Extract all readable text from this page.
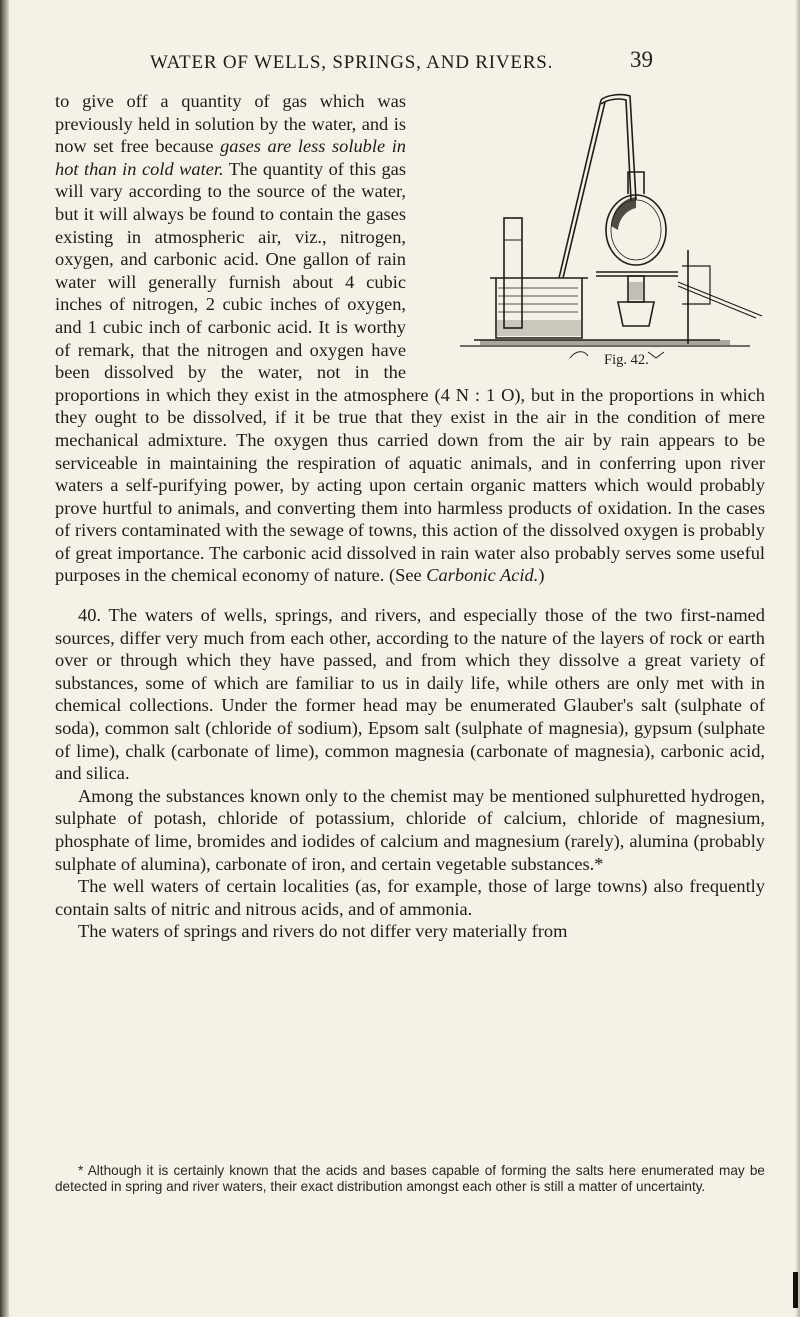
WATER OF WELLS, SPRINGS, AND RIVERS.	39
Fig. 42.

to give off a quantity of gas which was previously held in solution by the water, and is now set free because gases are less soluble in hot than in cold water. The quantity of this gas will vary according to the source of the water, but it will always be found to contain the gases existing in atmospheric air, viz., nitrogen, oxygen, and carbonic acid. One gallon of rain water will generally furnish about 4 cubic inches of nitrogen, 2 cubic inches of oxygen, and 1 cubic inch of carbonic acid. It is worthy of remark, that the nitrogen and oxygen have been dissolved by the water, not in the proportions in which they exist in the atmosphere (4 N : 1 O), but in the proportions in which they ought to be dissolved, if it be true that they exist in the air in the condition of mere mechanical admixture. The oxygen thus carried down from the air by rain appears to be serviceable in maintaining the respiration of aquatic animals, and in conferring upon river waters a self-purifying power, by acting upon certain organic matters which would probably prove hurtful to animals, and converting them into harmless products of oxidation. In the cases of rivers contaminated with the sewage of towns, this action of the dissolved oxygen is probably of great importance. The carbonic acid dissolved in rain water also probably serves some useful purposes in the chemical economy of nature. (See Carbonic Acid.)

40. The waters of wells, springs, and rivers, and especially those of the two first-named sources, differ very much from each other, according to the nature of the layers of rock or earth over or through which they have passed, and from which they dissolve a great variety of substances, some of which are familiar to us in daily life, while others are only met with in chemical collections. Under the former head may be enumerated Glauber's salt (sulphate of soda), common salt (chloride of sodium), Epsom salt (sulphate of magnesia), gypsum (sulphate of lime), chalk (carbonate of lime), common magnesia (carbonate of magnesia), carbonic acid, and silica.

Among the substances known only to the chemist may be mentioned sulphuretted hydrogen, sulphate of potash, chloride of potassium, chloride of calcium, chloride of magnesium, phosphate of lime, bromides and iodides of calcium and magnesium (rarely), alumina (probably sulphate of alumina), carbonate of iron, and certain vegetable substances.*

The well waters of certain localities (as, for example, those of large towns) also frequently contain salts of nitric and nitrous acids, and of ammonia.

The waters of springs and rivers do not differ very materially from

* Although it is certainly known that the acids and bases capable of forming the salts here enumerated may be detected in spring and river waters, their exact distribution amongst each other is still a matter of uncertainty.
